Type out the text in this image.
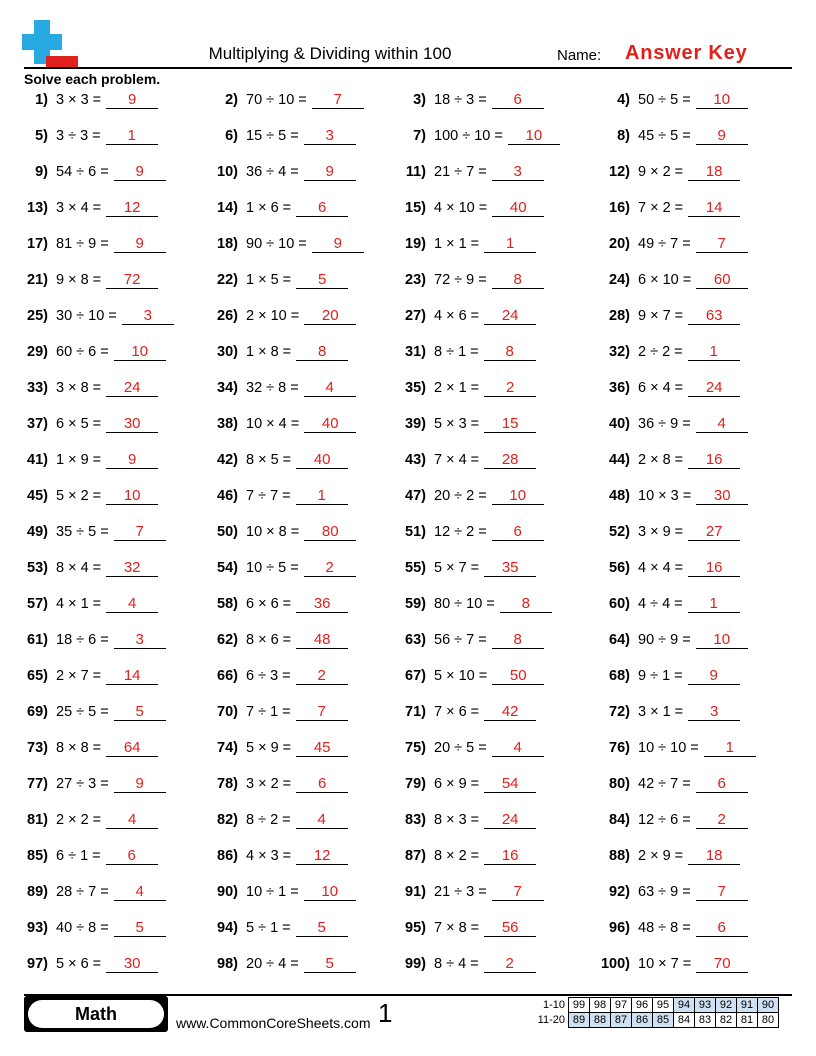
Multiplying & Dividing within 100	Name: Answer Key
Solve each problem.
1) 3 × 3 =	9	2) 70 ÷ 10 =	7	3) 18 ÷ 3 =	6	4) 50 ÷ 5 =	10
5) 3 ÷ 3 =	1	6) 15 ÷ 5 =	3	7) 100 ÷ 10 =	10	8) 45 ÷ 5 =	9
9) 54 ÷ 6 =	9	10) 36 ÷ 4 =	9	11) 21 ÷ 7 =	3	12) 9 × 2 =	18
13) 3 × 4 =	12	14) 1 × 6 =	6	15) 4 × 10 =	40	16) 7 × 2 =	14
17) 81 ÷ 9 =	9	18) 90 ÷ 10 =	9	19) 1 × 1 =	1	20) 49 ÷ 7 =	7
21) 9 × 8 =	72	22) 1 × 5 =	5	23) 72 ÷ 9 =	8	24) 6 × 10 =	60
25) 30 ÷ 10 =	3	26) 2 × 10 =	20	27) 4 × 6 =	24	28) 9 × 7 =	63
29) 60 ÷ 6 =	10	30) 1 × 8 =	8	31) 8 ÷ 1 =	8	32) 2 ÷ 2 =	1
33) 3 × 8 =	24	34) 32 ÷ 8 =	4	35) 2 × 1 =	2	36) 6 × 4 =	24
37) 6 × 5 =	30	38) 10 × 4 =	40	39) 5 × 3 =	15	40) 36 ÷ 9 =	4
41) 1 × 9 =	9	42) 8 × 5 =	40	43) 7 × 4 =	28	44) 2 × 8 =	16
45) 5 × 2 =	10	46) 7 ÷ 7 =	1	47) 20 ÷ 2 =	10	48) 10 × 3 =	30
49) 35 ÷ 5 =	7	50) 10 × 8 =	80	51) 12 ÷ 2 =	6	52) 3 × 9 =	27
53) 8 × 4 =	32	54) 10 ÷ 5 =	2	55) 5 × 7 =	35	56) 4 × 4 =	16
57) 4 × 1 =	4	58) 6 × 6 =	36	59) 80 ÷ 10 =	8	60) 4 ÷ 4 =	1
61) 18 ÷ 6 =	3	62) 8 × 6 =	48	63) 56 ÷ 7 =	8	64) 90 ÷ 9 =	10
65) 2 × 7 =	14	66) 6 ÷ 3 =	2	67) 5 × 10 =	50	68) 9 ÷ 1 =	9
69) 25 ÷ 5 =	5	70) 7 ÷ 1 =	7	71) 7 × 6 =	42	72) 3 × 1 =	3
73) 8 × 8 =	64	74) 5 × 9 =	45	75) 20 ÷ 5 =	4	76) 10 ÷ 10 =	1
77) 27 ÷ 3 =	9	78) 3 × 2 =	6	79) 6 × 9 =	54	80) 42 ÷ 7 =	6
81) 2 × 2 =	4	82) 8 ÷ 2 =	4	83) 8 × 3 =	24	84) 12 ÷ 6 =	2
85) 6 ÷ 1 =	6	86) 4 × 3 =	12	87) 8 × 2 =	16	88) 2 × 9 =	18
89) 28 ÷ 7 =	4	90) 10 ÷ 1 =	10	91) 21 ÷ 3 =	7	92) 63 ÷ 9 =	7
93) 40 ÷ 8 =	5	94) 5 ÷ 1 =	5	95) 7 × 8 =	56	96) 48 ÷ 8 =	6
97) 5 × 6 =	30	98) 20 ÷ 4 =	5	99) 8 ÷ 4 =	2	100) 10 × 7 =	70
Math	www.CommonCoreSheets.com 1	1-10	99	98	97	96	95	94	93	92	91	90
11-20	89	88	87	86	85	84	83	82	81	80
